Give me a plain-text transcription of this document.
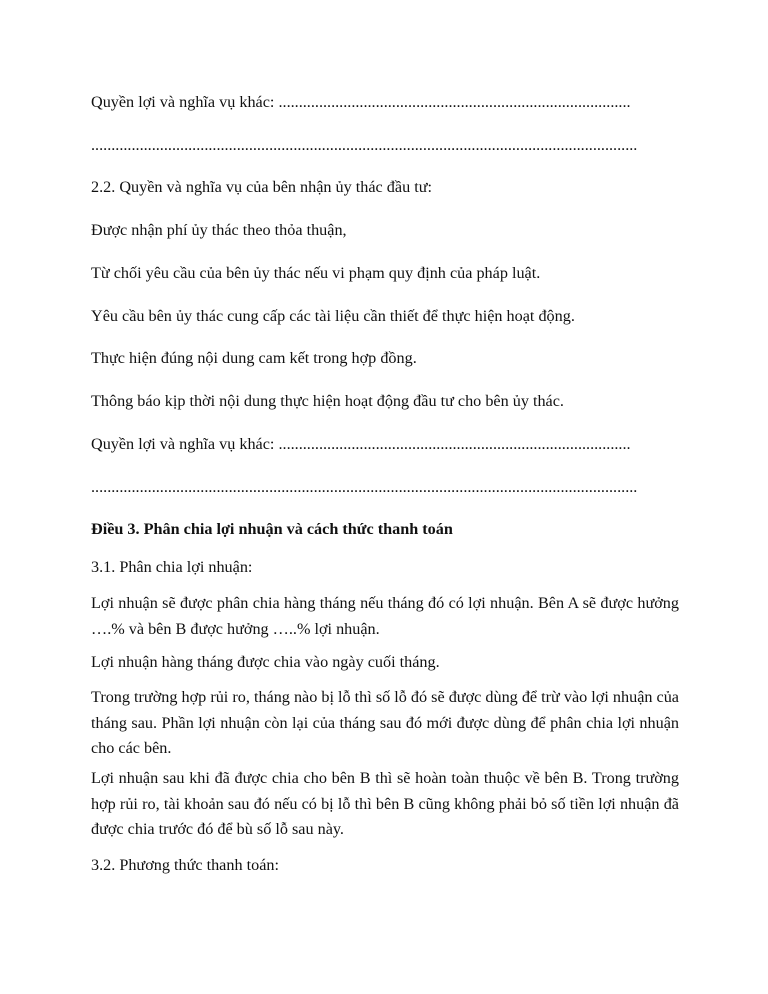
Quyền lợi và nghĩa vụ khác: .......................................................................................
.......................................................................................................................................
2.2. Quyền và nghĩa vụ của bên nhận ủy thác đầu tư:
Được nhận phí ủy thác theo thỏa thuận,
Từ chối yêu cầu của bên ủy thác nếu vi phạm quy định của pháp luật.
Yêu cầu bên ủy thác cung cấp các tài liệu cần thiết để thực hiện hoạt động.
Thực hiện đúng nội dung cam kết trong hợp đồng.
Thông báo kịp thời nội dung thực hiện hoạt động đầu tư cho bên ủy thác.
Quyền lợi và nghĩa vụ khác: .......................................................................................
.......................................................................................................................................
Điều 3. Phân chia lợi nhuận và cách thức thanh toán
3.1. Phân chia lợi nhuận:
Lợi nhuận sẽ được phân chia hàng tháng nếu tháng đó có lợi nhuận. Bên A sẽ được hưởng ….% và bên B được hưởng …..% lợi nhuận.
Lợi nhuận hàng tháng được chia vào ngày cuối tháng.
Trong trường hợp rủi ro, tháng nào bị lỗ thì số lỗ đó sẽ được dùng để trừ vào lợi nhuận của tháng sau. Phần lợi nhuận còn lại của tháng sau đó mới được dùng để phân chia lợi nhuận cho các bên.
Lợi nhuận sau khi đã được chia cho bên B thì sẽ hoàn toàn thuộc về bên B. Trong trường hợp rủi ro, tài khoản sau đó nếu có bị lỗ thì bên B cũng không phải bỏ số tiền lợi nhuận đã được chia trước đó để bù số lỗ sau này.
3.2. Phương thức thanh toán:
